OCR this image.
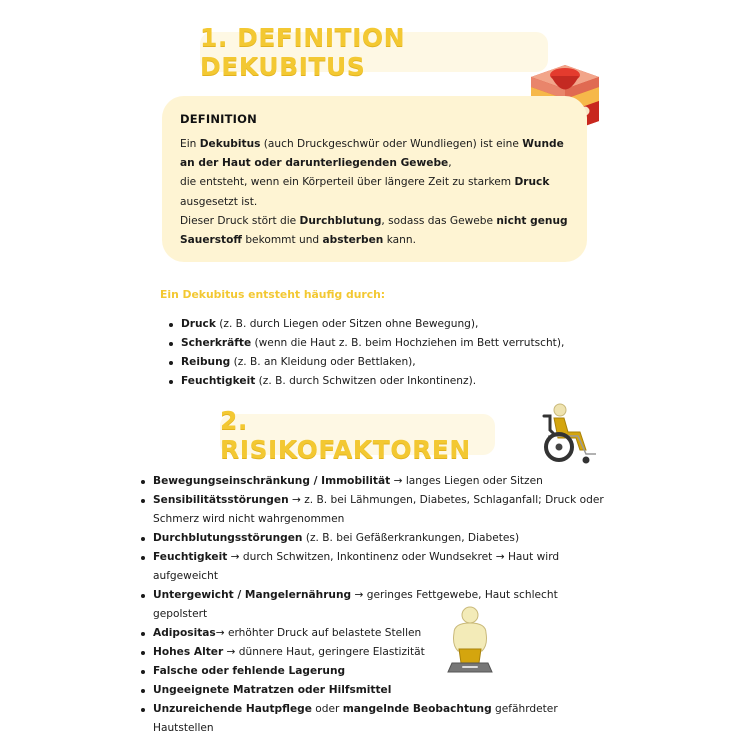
1. DEFINITION DEKUBITUS
DEFINITION
Ein Dekubitus (auch Druckgeschwür oder Wundliegen) ist eine Wunde an der Haut oder darunterliegenden Gewebe,
die entsteht, wenn ein Körperteil über längere Zeit zu starkem Druck ausgesetzt ist.
Dieser Druck stört die Durchblutung, sodass das Gewebe nicht genug Sauerstoff bekommt und absterben kann.
Ein Dekubitus entsteht häufig durch:
Druck (z. B. durch Liegen oder Sitzen ohne Bewegung),
Scherkräfte (wenn die Haut z. B. beim Hochziehen im Bett verrutscht),
Reibung (z. B. an Kleidung oder Bettlaken),
Feuchtigkeit (z. B. durch Schwitzen oder Inkontinenz).
2. RISIKOFAKTOREN
Bewegungseinschränkung / Immobilität → langes Liegen oder Sitzen
Sensibilitätsstörungen → z. B. bei Lähmungen, Diabetes, Schlaganfall; Druck oder Schmerz wird nicht wahrgenommen
Durchblutungsstörungen (z. B. bei Gefäßerkrankungen, Diabetes)
Feuchtigkeit → durch Schwitzen, Inkontinenz oder Wundsekret → Haut wird aufgeweicht
Untergewicht / Mangelernährung → geringes Fettgewebe, Haut schlecht gepolstert
Adipositas→ erhöhter Druck auf belastete Stellen
Hohes Alter → dünnere Haut, geringere Elastizität
Falsche oder fehlende Lagerung
Ungeeignete Matratzen oder Hilfsmittel
Unzureichende Hautpflege oder mangelnde Beobachtung gefährdeter Hautstellen
